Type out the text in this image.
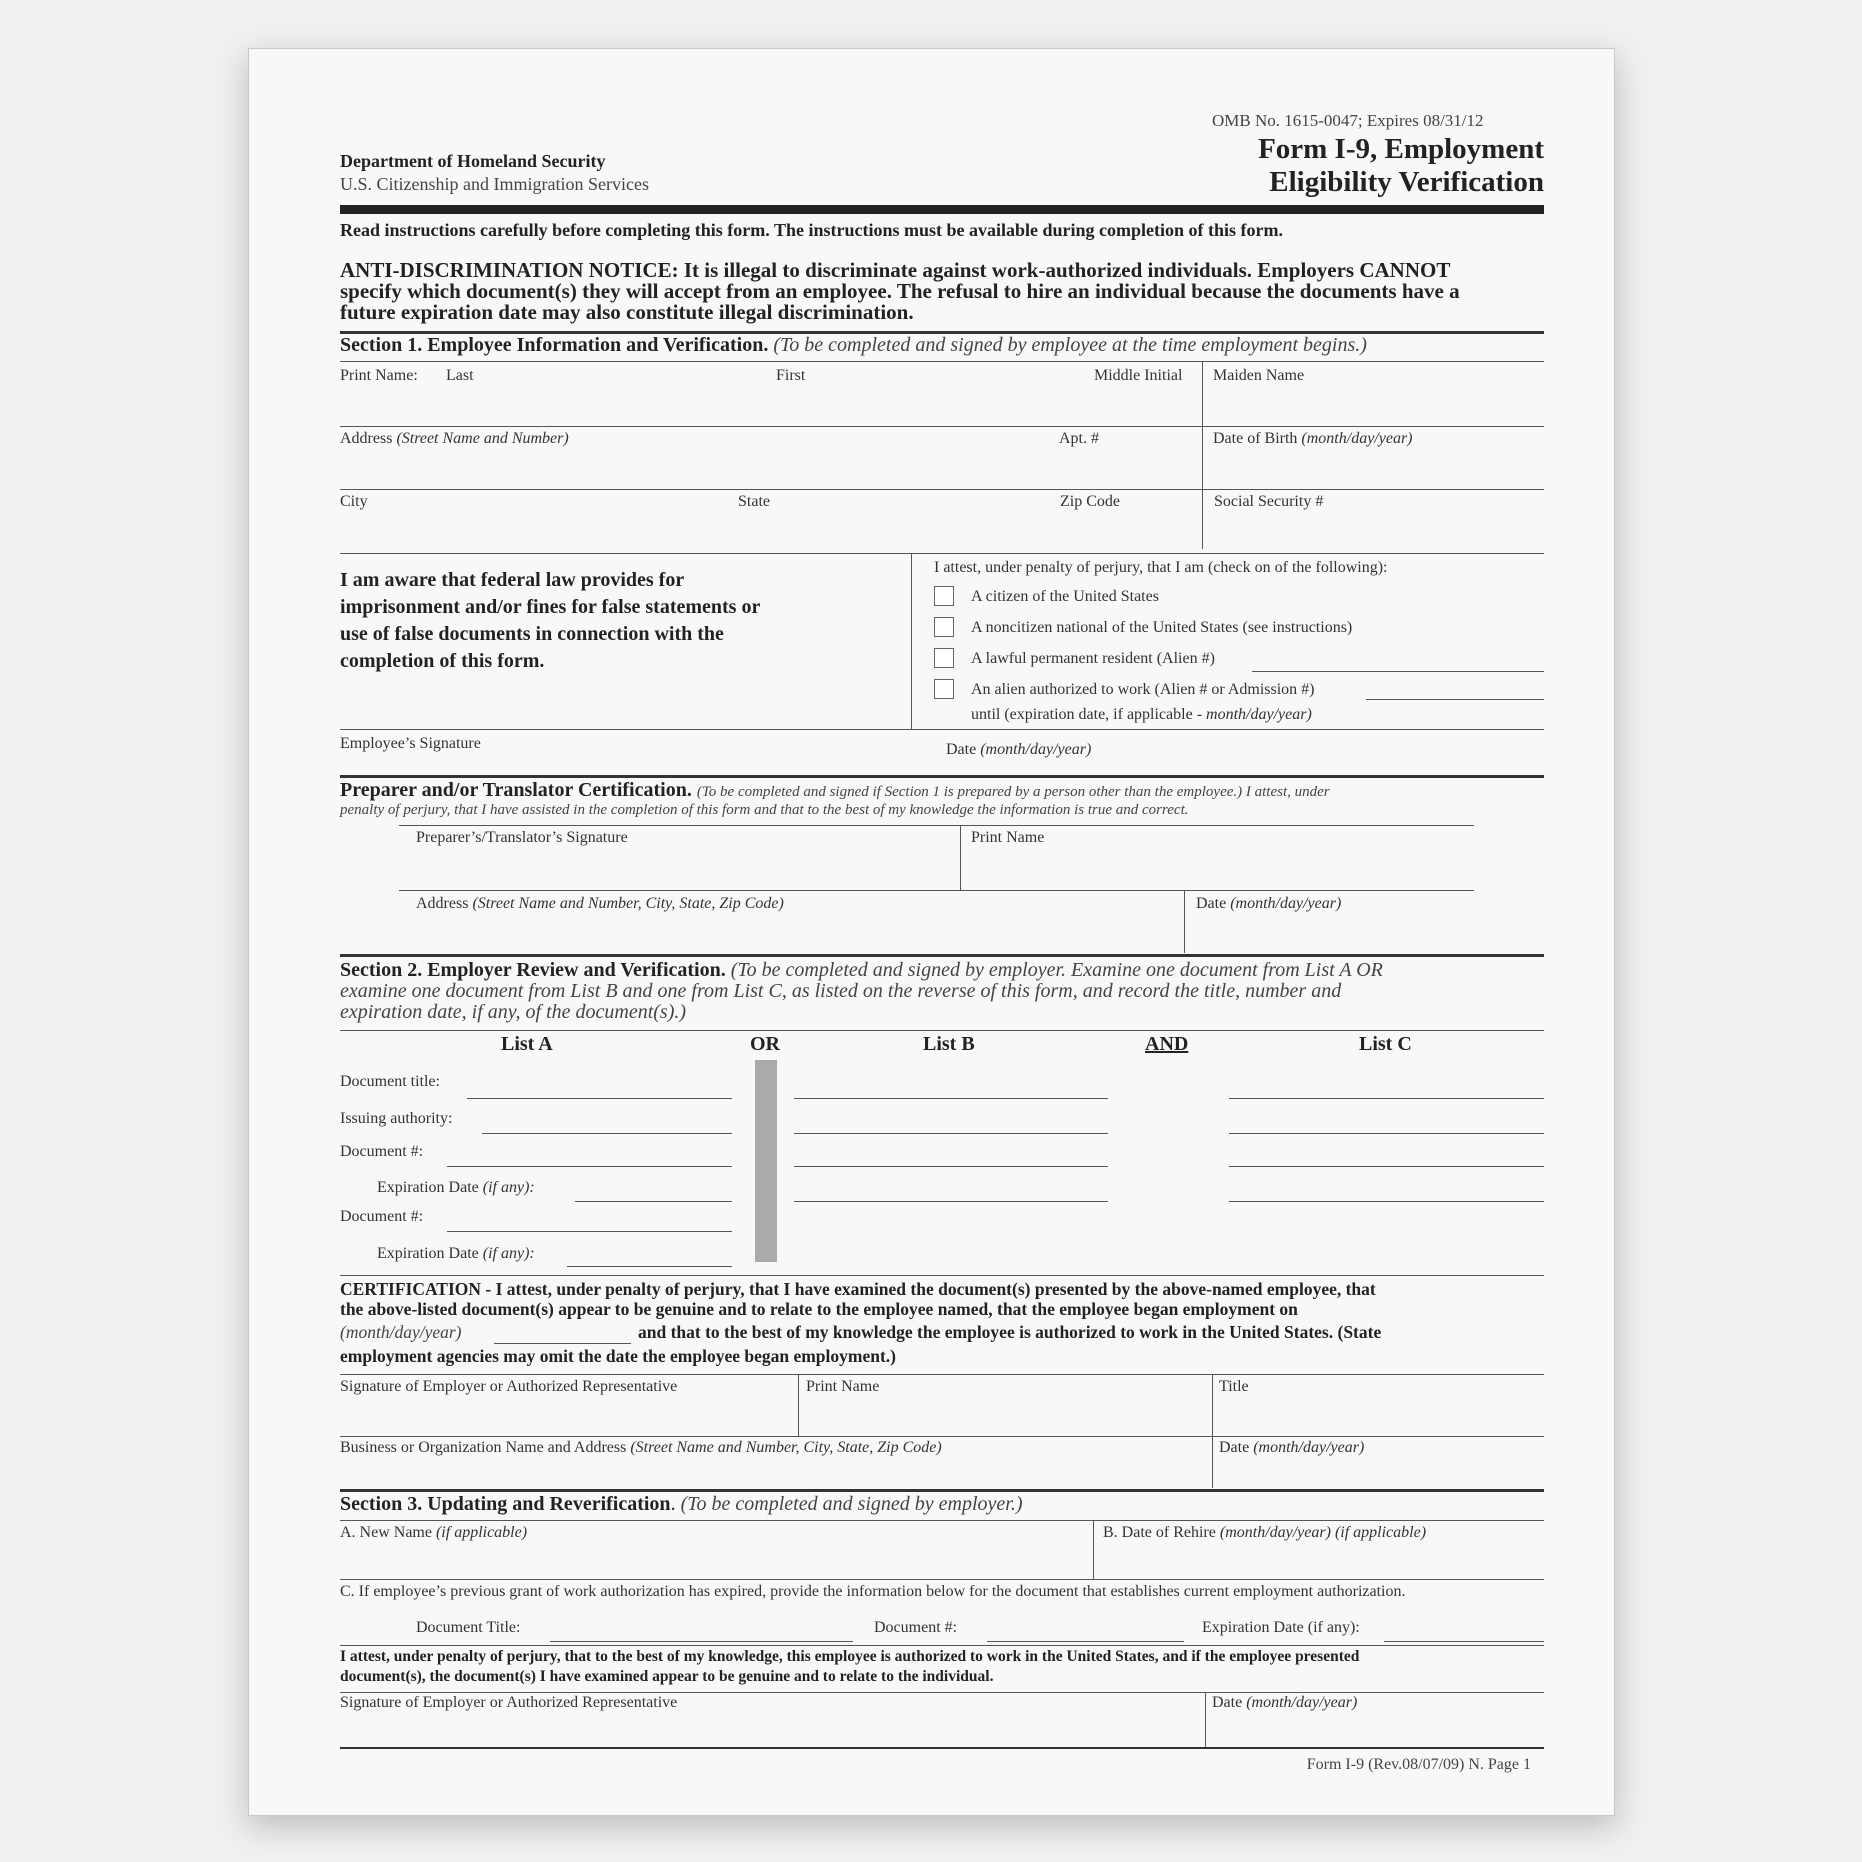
OMB No. 1615-0047; Expires 08/31/12
Department of Homeland Security
U.S. Citizenship and Immigration Services
Form I-9, Employment
Eligibility Verification
Read instructions carefully before completing this form. The instructions must be available during completion of this form.
ANTI-DISCRIMINATION NOTICE: It is illegal to discriminate against work-authorized individuals. Employers CANNOT
specify which document(s) they will accept from an employee. The refusal to hire an individual because the documents have a
future expiration date may also constitute illegal discrimination.
Section 1. Employee Information and Verification. (To be completed and signed by employee at the time employment begins.)
Print Name: Last	First	Middle Initial Maiden Name
Address (Street Name and Number)	Apt. #	Date of Birth (month/day/year)
City	State	Zip Code	Social Security #
I am aware that federal law provides for
imprisonment and/or fines for false statements or
use of false documents in connection with the
completion of this form.
I attest, under penalty of perjury, that I am (check on of the following):
A citizen of the United States
A noncitizen national of the United States (see instructions)
A lawful permanent resident (Alien #)
An alien authorized to work (Alien # or Admission #)
until (expiration date, if applicable - month/day/year)
Employee’s Signature	Date (month/day/year)
Preparer and/or Translator Certification. (To be completed and signed if Section 1 is prepared by a person other than the employee.) I attest, under
penalty of perjury, that I have assisted in the completion of this form and that to the best of my knowledge the information is true and correct.
Preparer’s/Translator’s Signature	Print Name
Address (Street Name and Number, City, State, Zip Code)	Date (month/day/year)
Section 2. Employer Review and Verification. (To be completed and signed by employer. Examine one document from List A OR
examine one document from List B and one from List C, as listed on the reverse of this form, and record the title, number and
expiration date, if any, of the document(s).)
List A	OR	List B	AND	List C
Document title:
Issuing authority:
Document #:
Expiration Date (if any):
Document #:
Expiration Date (if any):
CERTIFICATION - I attest, under penalty of perjury, that I have examined the document(s) presented by the above-named employee, that
the above-listed document(s) appear to be genuine and to relate to the employee named, that the employee began employment on
(month/day/year)	and that to the best of my knowledge the employee is authorized to work in the United States. (State
employment agencies may omit the date the employee began employment.)
Signature of Employer or Authorized Representative	Print Name	Title
Business or Organization Name and Address (Street Name and Number, City, State, Zip Code)	Date (month/day/year)
Section 3. Updating and Reverification. (To be completed and signed by employer.)
A. New Name (if applicable)	B. Date of Rehire (month/day/year) (if applicable)
C. If employee’s previous grant of work authorization has expired, provide the information below for the document that establishes current employment authorization.
Document Title:	Document #:	Expiration Date (if any):
I attest, under penalty of perjury, that to the best of my knowledge, this employee is authorized to work in the United States, and if the employee presented
document(s), the document(s) I have examined appear to be genuine and to relate to the individual.
Signature of Employer or Authorized Representative	Date (month/day/year)
Form I-9 (Rev.08/07/09) N. Page 1
